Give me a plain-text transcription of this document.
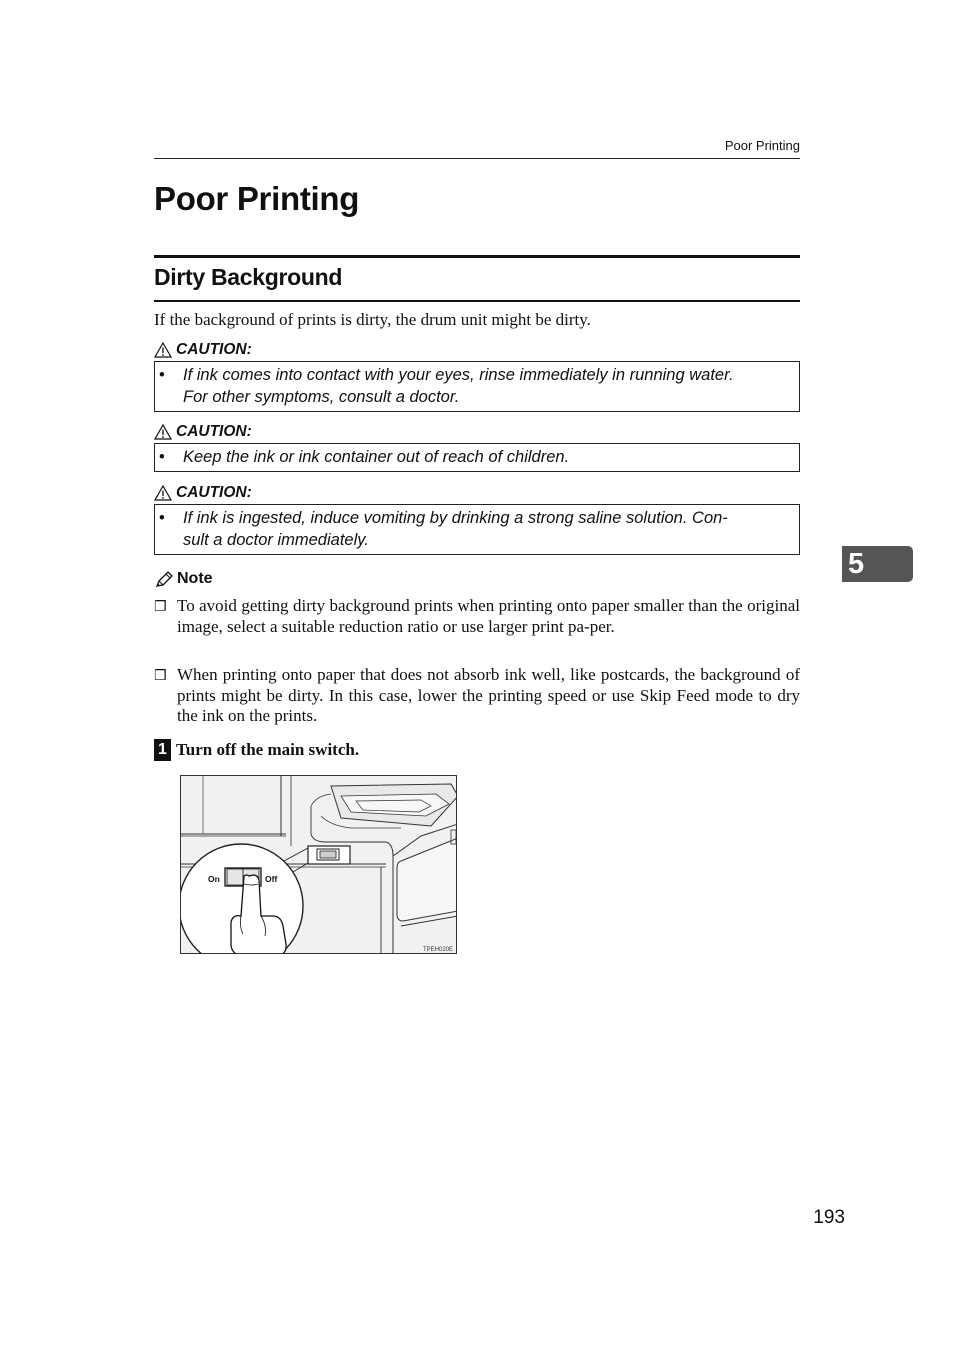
Poor Printing
Poor Printing
Dirty Background
If the background of prints is dirty, the drum unit might be dirty.
CAUTION:
•	If ink comes into contact with your eyes, rinse immediately in running water.
For other symptoms, consult a doctor.
CAUTION:
•	Keep the ink or ink container out of reach of children.
CAUTION:
•	If ink is ingested, induce vomiting by drinking a strong saline solution. Con-
sult a doctor immediately.
Note
❒ To avoid getting dirty background prints when printing onto paper smaller than the original image, select a suitable reduction ratio or use larger print pa-per.
❒ When printing onto paper that does not absorb ink well, like postcards, the background of prints might be dirty. In this case, lower the printing speed or use Skip Feed mode to dry the ink on the prints.
1 Turn off the main switch.
On	Off
TPEH020E
5
193
